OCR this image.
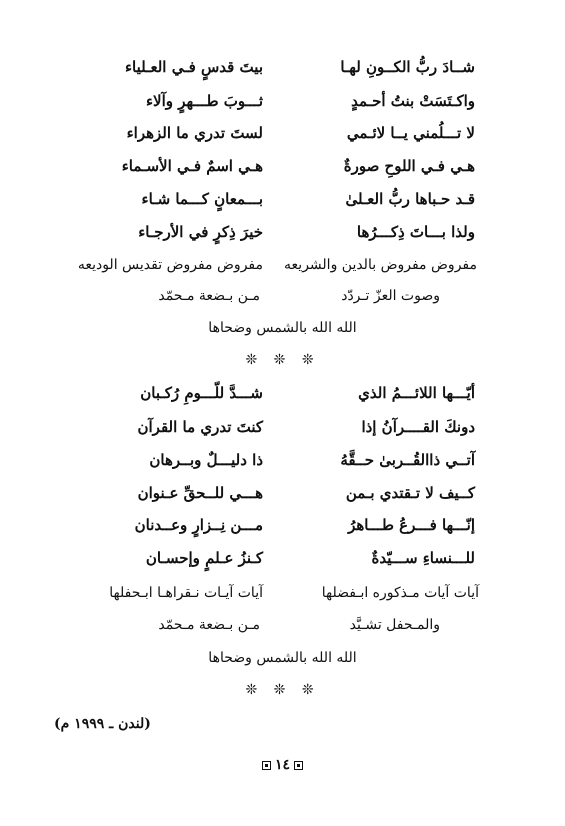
شــادَ ربُّ الكــونِ لهـا
بيتَ قدسٍ فـي العـلياء
واكـتَسَتْ بنتُ أحـمدٍ
ثـــوبَ طـــهرٍ وآلاء
لا تـــلُمني يــا لائـمي
لستَ تدري ما الزهراء
هـي فـي اللوحِ صورةٌ
هـي اسمٌ فـي الأسـماء
قـد حـباها ربُّ العـلىٰ
بـــمعانٍ كـــما شـاء
ولذا بـــاتَ ذِكـــرُها
خيرَ ذِكرٍ في الأرجـاء
مفروض مفروض بالدين والشريعه
مفروض مفروض تقديس الوديعه
وصوت العزّ تـردّد
مـن بـضعة مـحمّد
الله الله بالشمس وضحاها
❊ ❊ ❊
أيّـــها اللائـــمُ الذي
شـــدَّ للّـــومِ رُكـبان
دونكَ القــــرآنُ إذا
كنتَ تدري ما القرآن
آتــي ذاالقُــربىٰ حــقَّهُ
ذا دليـــلٌ وبــرهان
كــيف لا تـقتدي بـمن
هـــي للــحقِّ عـنوان
إنّـــها فـــرعُ طـــاهرُ
مـــن نِــزارٍ وعــدنان
للـــنساءِ ســـيّدةٌ
كـنزُ عـلمٍ وإحسـان
آيات آيات مـذكوره ابـفضلها
آيات آيـات نـقراهـا ابـحفلها
والمـحفل تشـيَّد
مـن بـضعة مـحمّد
الله الله بالشمس وضحاها
❊ ❊ ❊
(لندن ـ ١٩٩٩ م)
١٤
